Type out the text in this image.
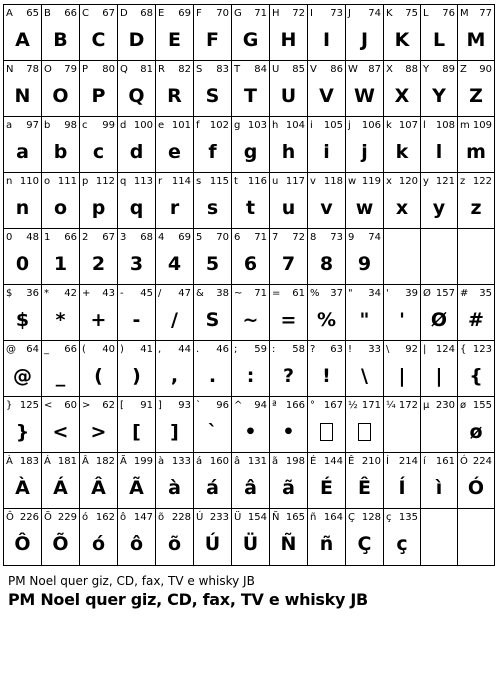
A 65
A
B 66
B
C 67
C
D 68
D
E 69
E
F 70
F
G 71
G
H 72
H
I 73
I
J 74
J
K 75
K
L 76
L
M 77
M
N 78
N
O 79
O
P 80
P
Q 81
Q
R 82
R
S 83
S
T 84
T
U 85
U
V 86
V
W 87
W
X 88
X
Y 89
Y
Z 90
Z
a 97
a
b 98
b
c 99
c
d 100
d
e 101
e
f 102
f
g 103
g
h 104
h
i 105
i
j 106
j
k 107
k
l 108
l
m 109
m
n 110
n
o 111
o
p 112
p
q 113
q
r 114
r
s 115
s
t 116
t
u 117
u
v 118
v
w 119
w
x 120
x
y 121
y
z 122
z
0 48
0
1 66
1
2 67
2
3 68
3
4 69
4
5 70
5
6 71
6
7 72
7
8 73
8
9 74
9
$ 36
$
* 42
*
+ 43
+
- 45
-
/ 47
/
& 38
S
~ 71
~
= 61
=
% 37
%
" 34
"
' 39
'
Ø 157
Ø
# 35
#
@ 64
@
_ 66
_
( 40
(
) 41
)
, 44
,
. 46
.
; 59
:
: 58
?
? 63
!
! 33
\
\ 92
|
| 124
|
{ 123
{
} 125
}
< 60
<
> 62
>
[ 91
[
] 93
]
` 96
`
^ 94
•
ª 166
•
° 167 ½ 171 ¼ 172 µ 230 ø 155
ø
À 183
À
Á 181
Á
Â 182
Â
Ã 199
Ã
à 133
à
á 160
á
â 131
â
ã 198
ã
É 144
É
Ê 210
Ê
Í 214
Í
í 161
ì
Ó 224
Ó
Ô 226
Ô
Õ 229
Õ
ó 162
ó
ô 147
ô
õ 228
õ
Ú 233
Ú
Ü 154
Ü
Ñ 165
Ñ
ñ 164
ñ
Ç 128
Ç
ç 135
ç
PM Noel quer giz, CD, fax, TV e whisky JB
PM Noel quer giz, CD, fax, TV e whisky JB
